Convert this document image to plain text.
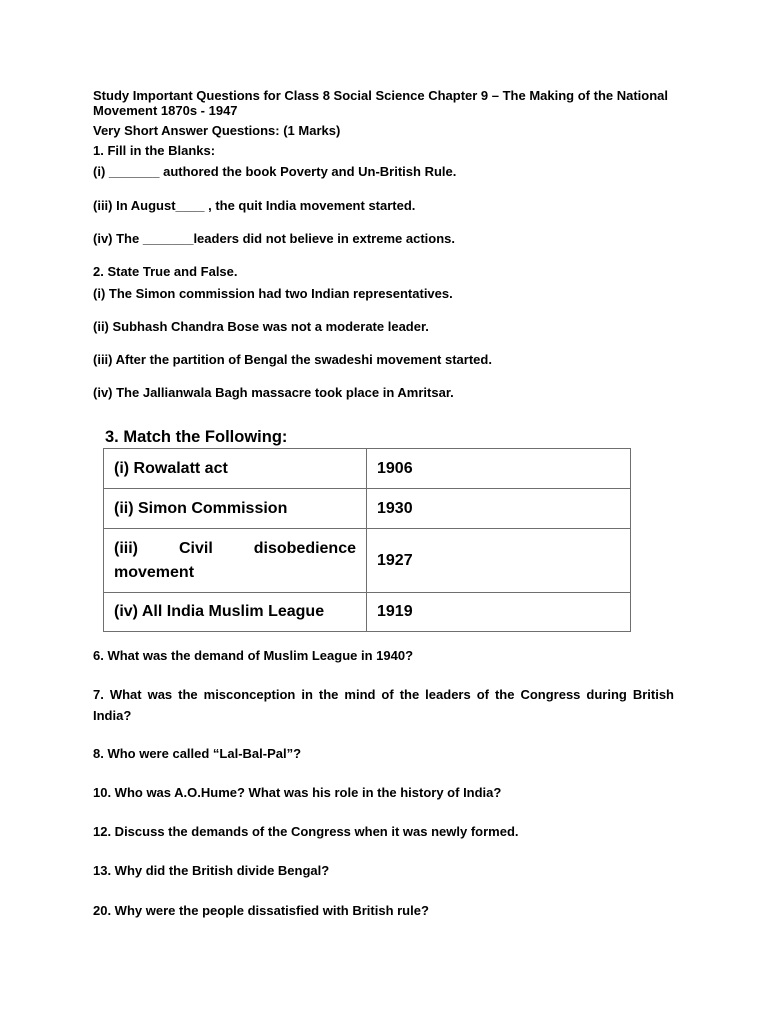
Study Important Questions for Class 8 Social Science Chapter 9 – The Making of the National Movement 1870s - 1947

Very Short Answer Questions: (1 Marks)

1. Fill in the Blanks:

(i) _______ authored the book Poverty and Un-British Rule.

(iii) In August____ , the quit India movement started.

(iv) The _______leaders did not believe in extreme actions.

2. State True and False.

(i) The Simon commission had two Indian representatives.

(ii) Subhash Chandra Bose was not a moderate leader.

(iii) After the partition of Bengal the swadeshi movement started.

(iv) The Jallianwala Bagh massacre took place in Amritsar.

3. Match the Following:

(i) Rowalatt act	1906
(ii) Simon Commission	1930

(iii) Civil disobedience movement	1927
(iv) All India Muslim League	1919

6. What was the demand of Muslim League in 1940?

7. What was the misconception in the mind of the leaders of the Congress during British India?

8. Who were called “Lal-Bal-Pal”?

10. Who was A.O.Hume? What was his role in the history of India?

12. Discuss the demands of the Congress when it was newly formed.

13. Why did the British divide Bengal?

20. Why were the people dissatisfied with British rule?
